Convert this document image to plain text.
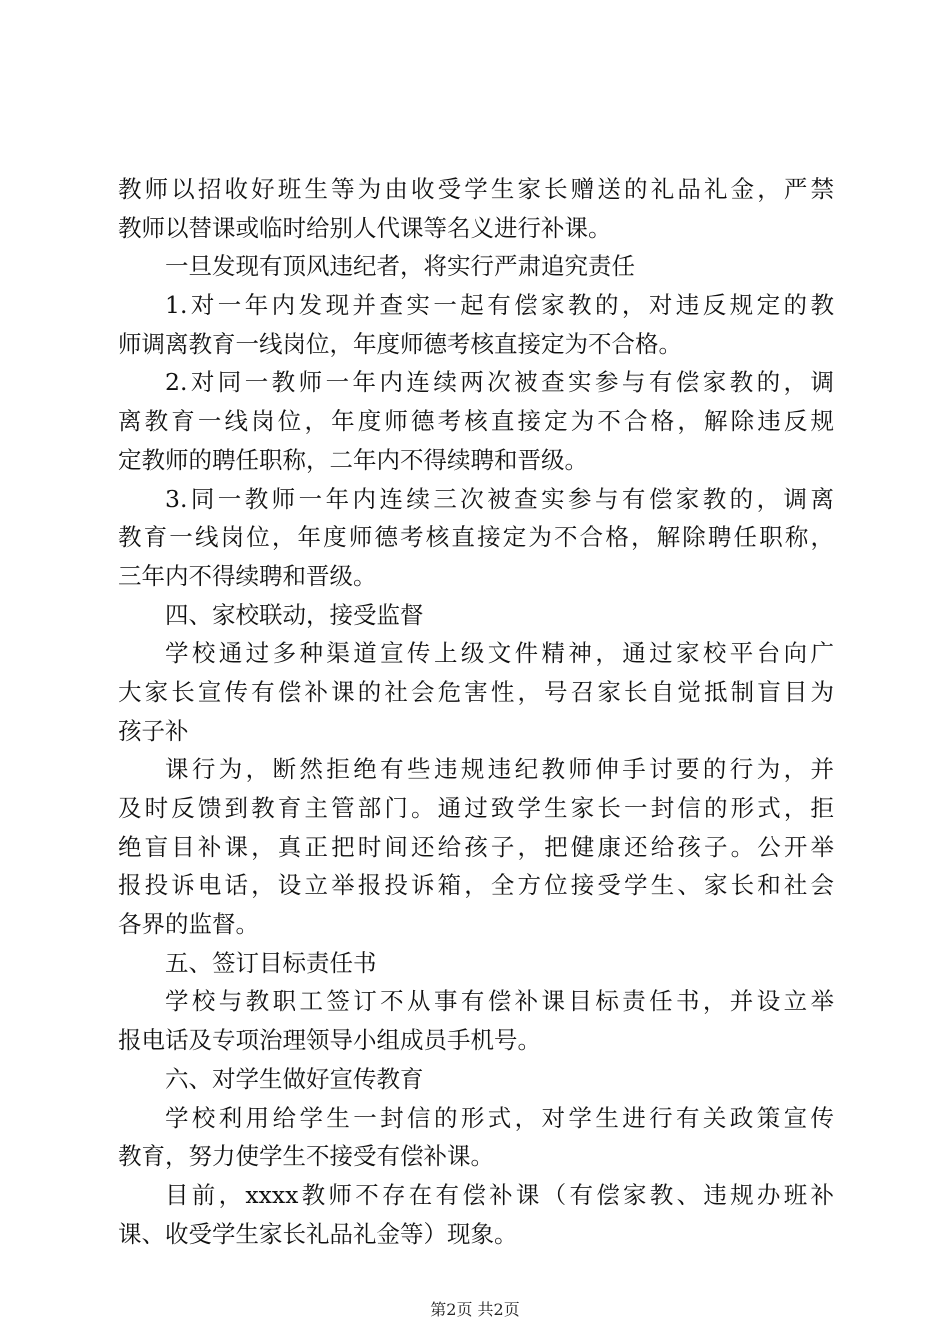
教师以招收好班生等为由收受学生家长赠送的礼品礼金，严禁
教师以替课或临时给别人代课等名义进行补课。
一旦发现有顶风违纪者，将实行严肃追究责任
1.对一年内发现并查实一起有偿家教的，对违反规定的教
师调离教育一线岗位，年度师德考核直接定为不合格。
2.对同一教师一年内连续两次被查实参与有偿家教的，调
离教育一线岗位，年度师德考核直接定为不合格，解除违反规
定教师的聘任职称，二年内不得续聘和晋级。
3.同一教师一年内连续三次被查实参与有偿家教的，调离
教育一线岗位，年度师德考核直接定为不合格，解除聘任职称，
三年内不得续聘和晋级。
四、家校联动，接受监督
学校通过多种渠道宣传上级文件精神，通过家校平台向广
大家长宣传有偿补课的社会危害性，号召家长自觉抵制盲目为
孩子补
课行为，断然拒绝有些违规违纪教师伸手讨要的行为，并
及时反馈到教育主管部门。通过致学生家长一封信的形式，拒
绝盲目补课，真正把时间还给孩子，把健康还给孩子。公开举
报投诉电话，设立举报投诉箱，全方位接受学生、家长和社会
各界的监督。
五、签订目标责任书
学校与教职工签订不从事有偿补课目标责任书，并设立举
报电话及专项治理领导小组成员手机号。
六、对学生做好宣传教育
学校利用给学生一封信的形式，对学生进行有关政策宣传
教育，努力使学生不接受有偿补课。
目前，xxxx教师不存在有偿补课（有偿家教、违规办班补
课、收受学生家长礼品礼金等）现象。
第2页 共2页
